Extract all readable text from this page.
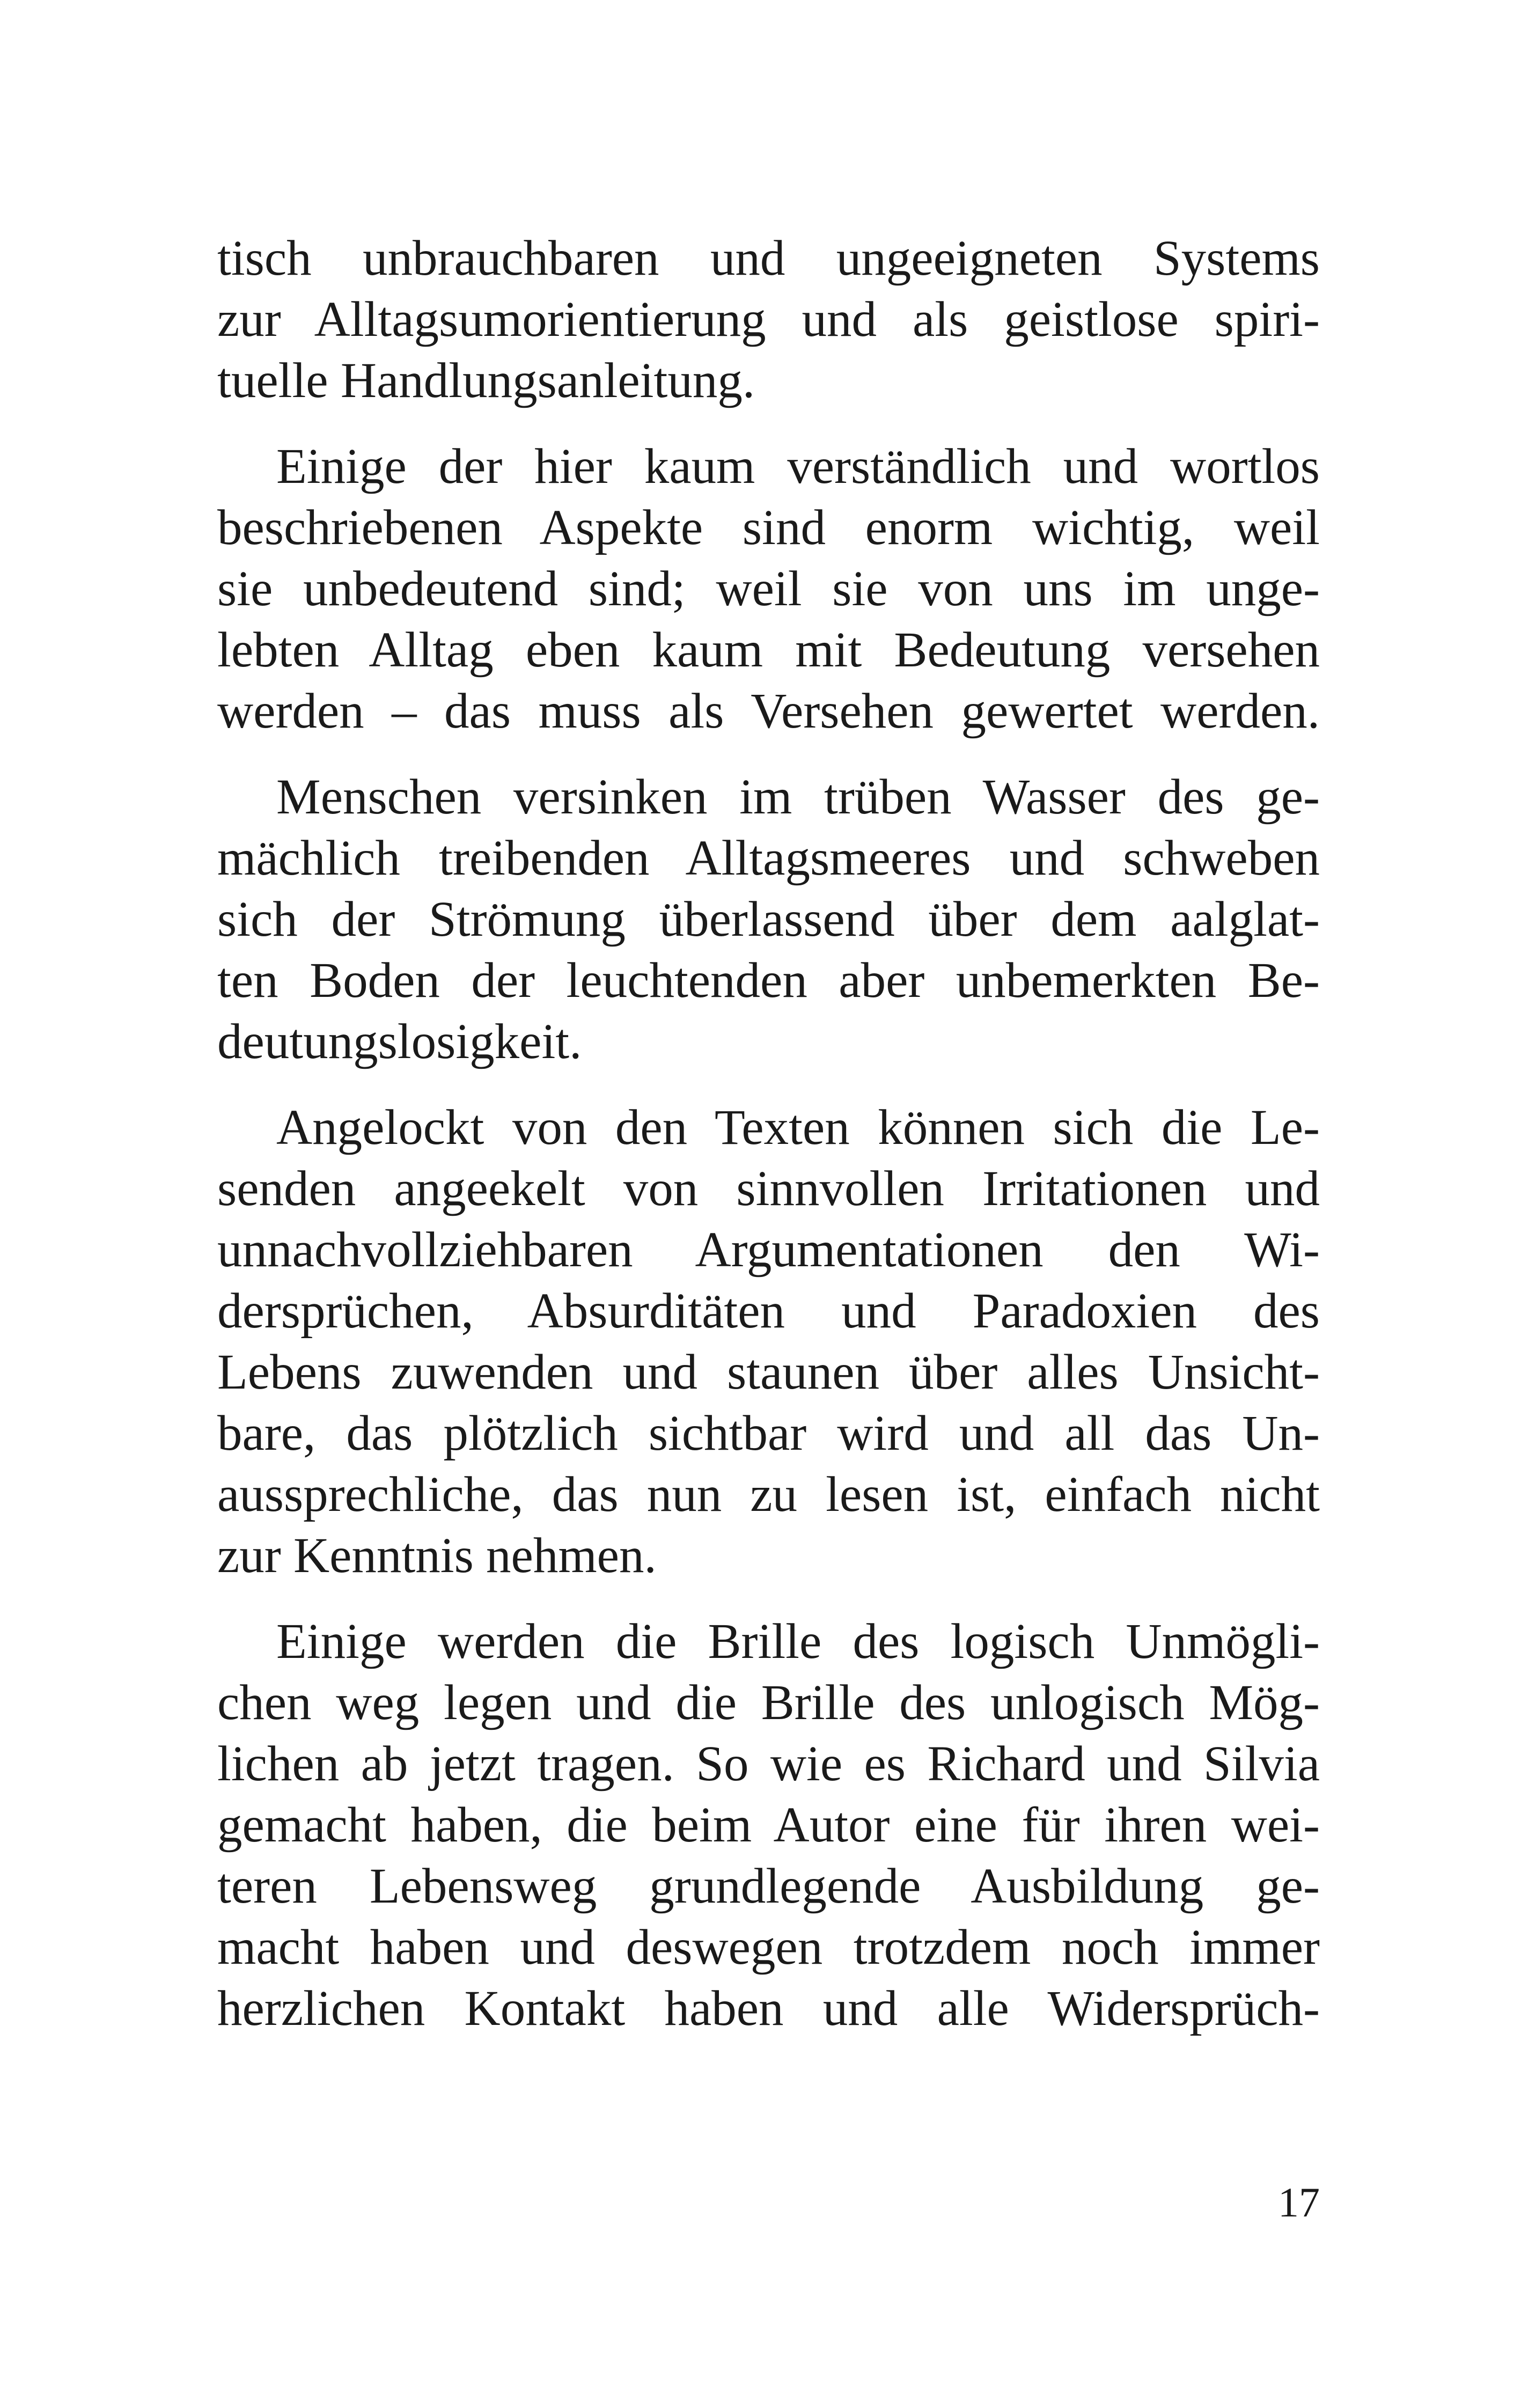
tisch unbrauchbaren und ungeeigneten Systems
zur Alltagsumorientierung und als geistlose spiri-
tuelle Handlungsanleitung.
Einige der hier kaum verständlich und wortlos
beschriebenen Aspekte sind enorm wichtig, weil
sie unbedeutend sind; weil sie von uns im unge-
lebten Alltag eben kaum mit Bedeutung versehen
werden – das muss als Versehen gewertet werden.
Menschen versinken im trüben Wasser des ge-
mächlich treibenden Alltagsmeeres und schweben
sich der Strömung überlassend über dem aalglat-
ten Boden der leuchtenden aber unbemerkten Be-
deutungslosigkeit.
Angelockt von den Texten können sich die Le-
senden angeekelt von sinnvollen Irritationen und
unnachvollziehbaren Argumentationen den Wi-
dersprüchen, Absurditäten und Paradoxien des
Lebens zuwenden und staunen über alles Unsicht-
bare, das plötzlich sichtbar wird und all das Un-
aussprechliche, das nun zu lesen ist, einfach nicht
zur Kenntnis nehmen.
Einige werden die Brille des logisch Unmögli-
chen weg legen und die Brille des unlogisch Mög-
lichen ab jetzt tragen. So wie es Richard und Silvia
gemacht haben, die beim Autor eine für ihren wei-
teren Lebensweg grundlegende Ausbildung ge-
macht haben und deswegen trotzdem noch immer
herzlichen Kontakt haben und alle Widersprüch-
17
